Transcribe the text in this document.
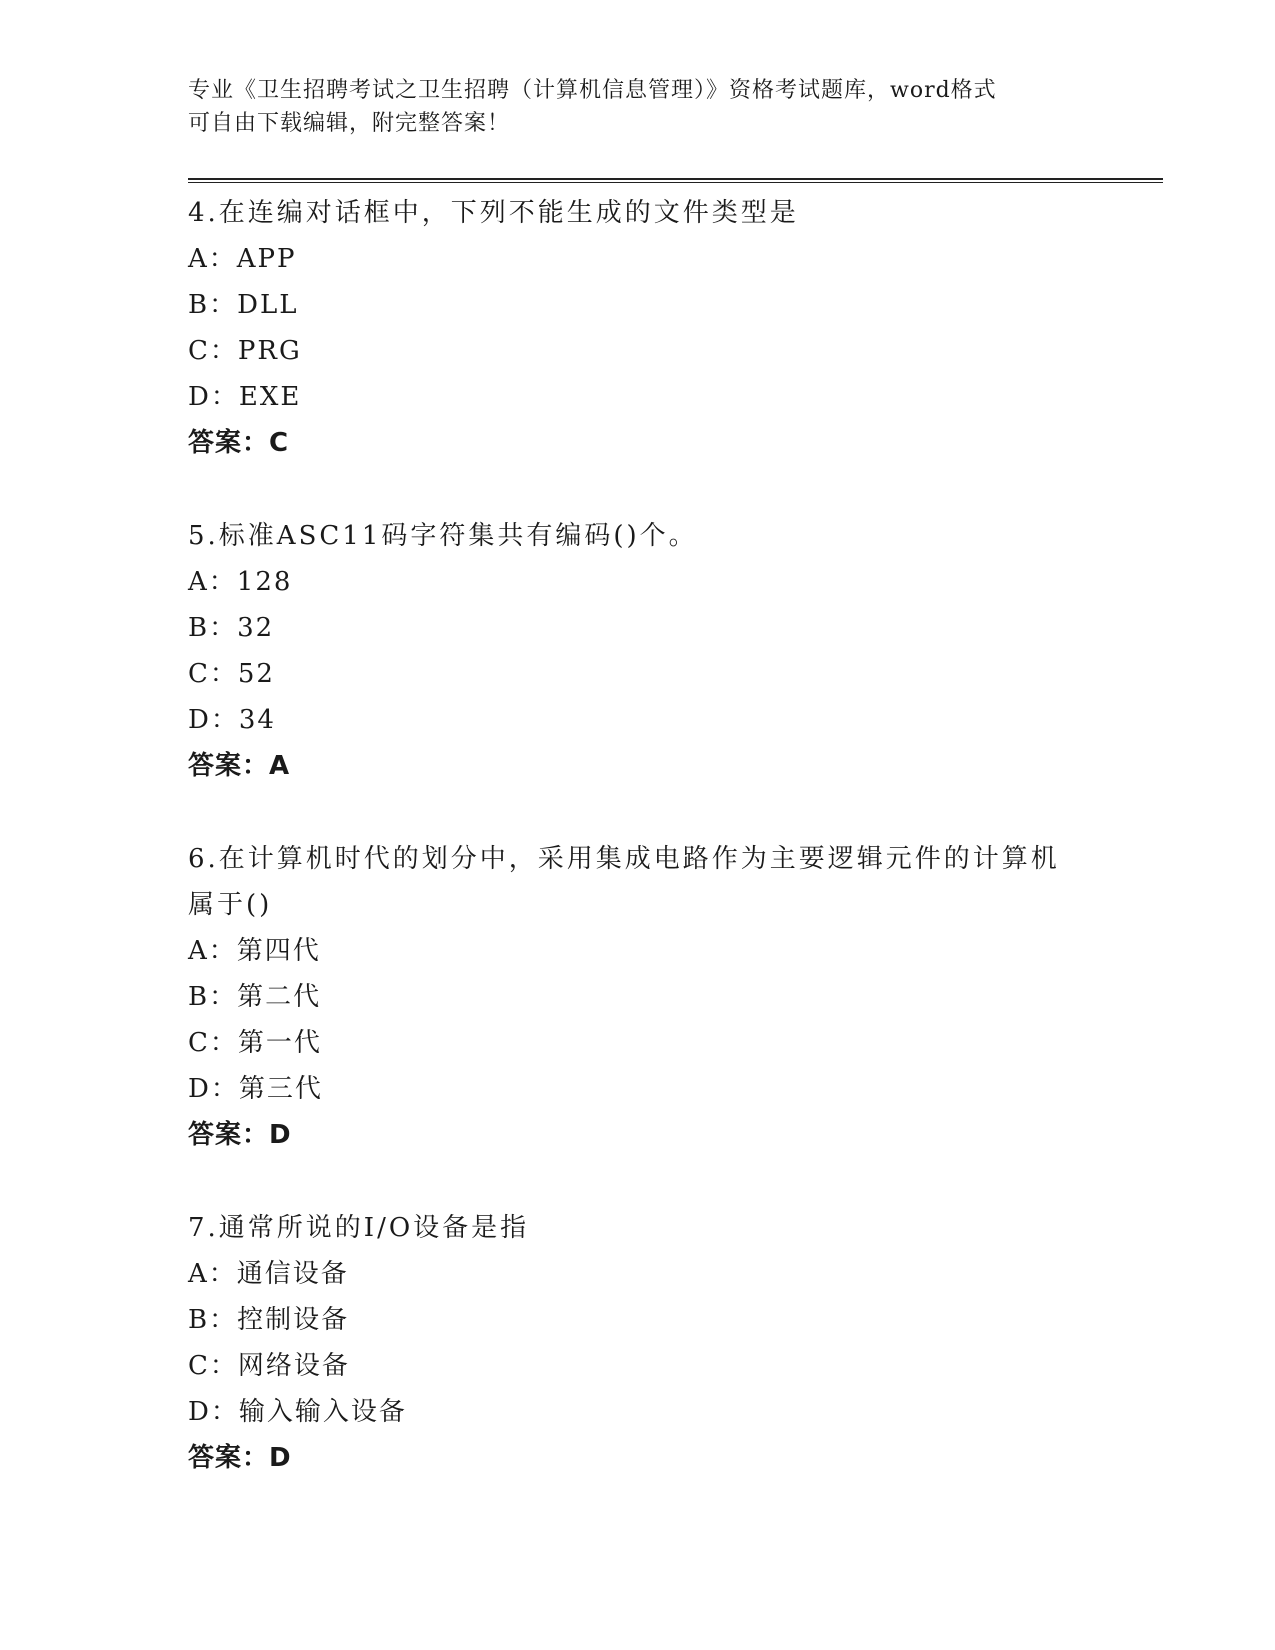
专业《卫生招聘考试之卫生招聘（计算机信息管理）》资格考试题库，word格式
可自由下载编辑，附完整答案！
4.在连编对话框中，下列不能生成的文件类型是
A：APP
B：DLL
C：PRG
D：EXE
答案：C
5.标准ASC11码字符集共有编码()个。
A：128
B：32
C：52
D：34
答案：A
6.在计算机时代的划分中，采用集成电路作为主要逻辑元件的计算机属于()
A：第四代
B：第二代
C：第一代
D：第三代
答案：D
7.通常所说的I/O设备是指
A：通信设备
B：控制设备
C：网络设备
D：输入输入设备
答案：D
